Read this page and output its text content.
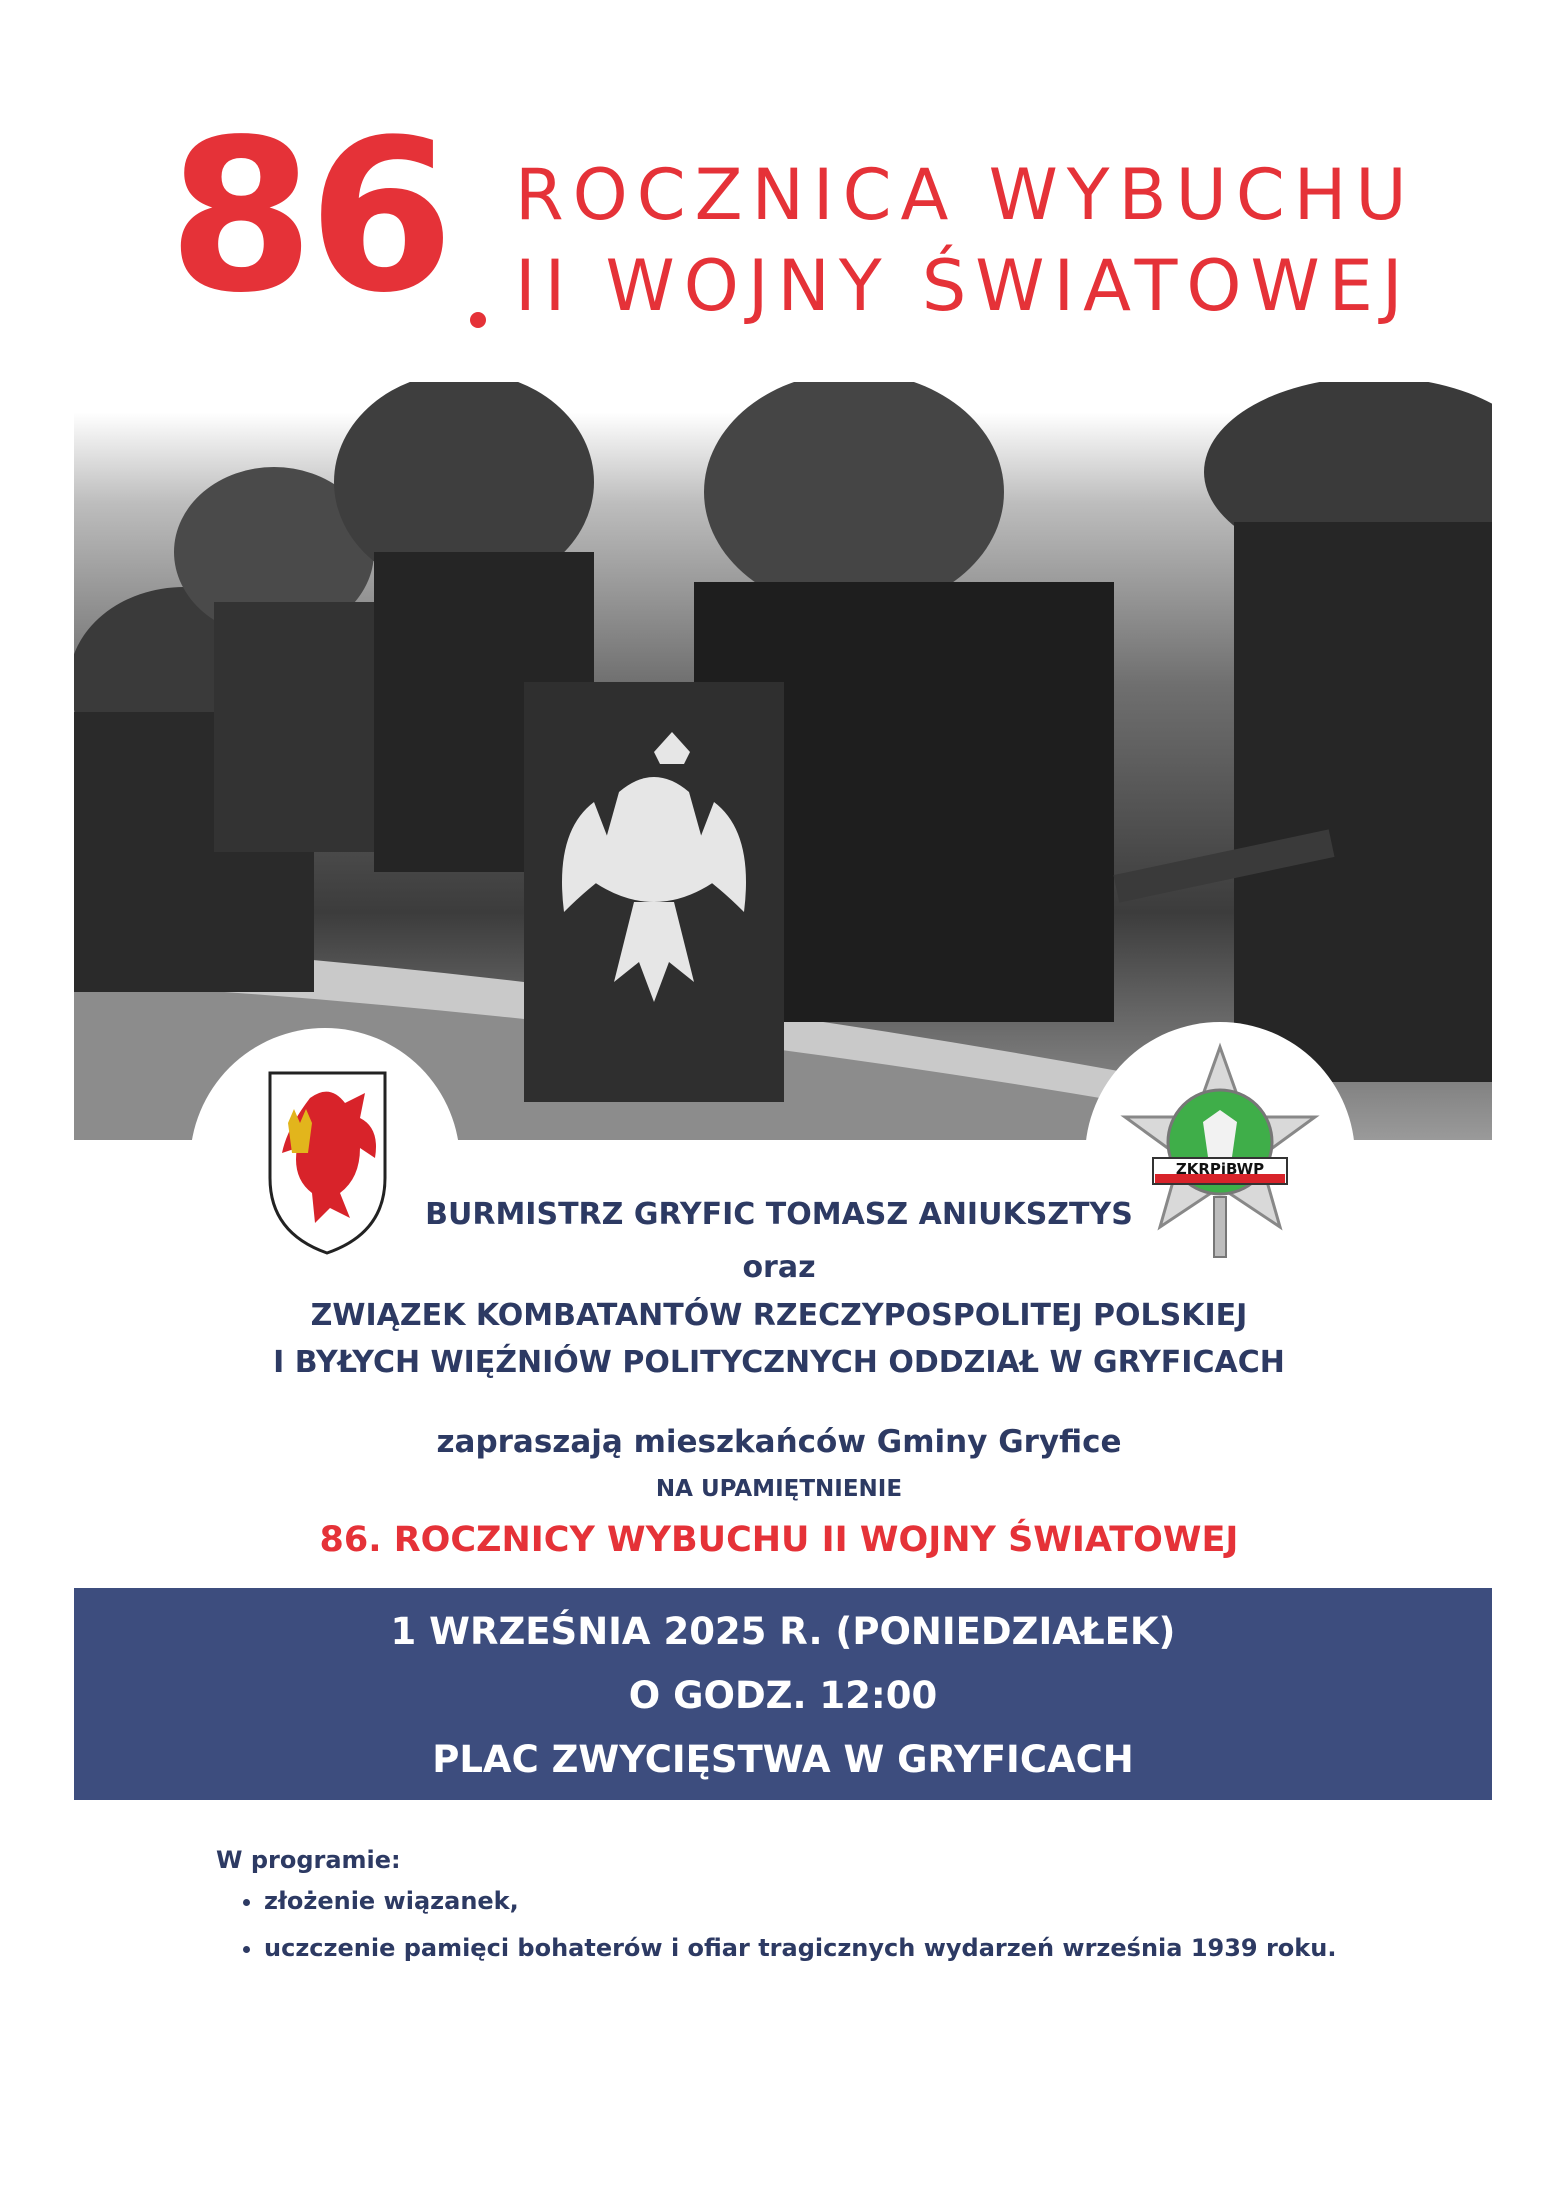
86 ROCZNICA WYBUCHU
II WOJNY ŚWIATOWEJ
ZKRPiBWP
BURMISTRZ GRYFIC TOMASZ ANIUKSZTYS
oraz
ZWIĄZEK KOMBATANTÓW RZECZYPOSPOLITEJ POLSKIEJ
I BYŁYCH WIĘŹNIÓW POLITYCZNYCH ODDZIAŁ W GRYFICACH
zapraszają mieszkańców Gminy Gryfice
NA UPAMIĘTNIENIE
86. ROCZNICY WYBUCHU II WOJNY ŚWIATOWEJ
1 WRZEŚNIA 2025 R. (PONIEDZIAŁEK)
O GODZ. 12:00
PLAC ZWYCIĘSTWA W GRYFICACH
W programie:
• złożenie wiązanek,
• uczczenie pamięci bohaterów i ofiar tragicznych wydarzeń września 1939 roku.
